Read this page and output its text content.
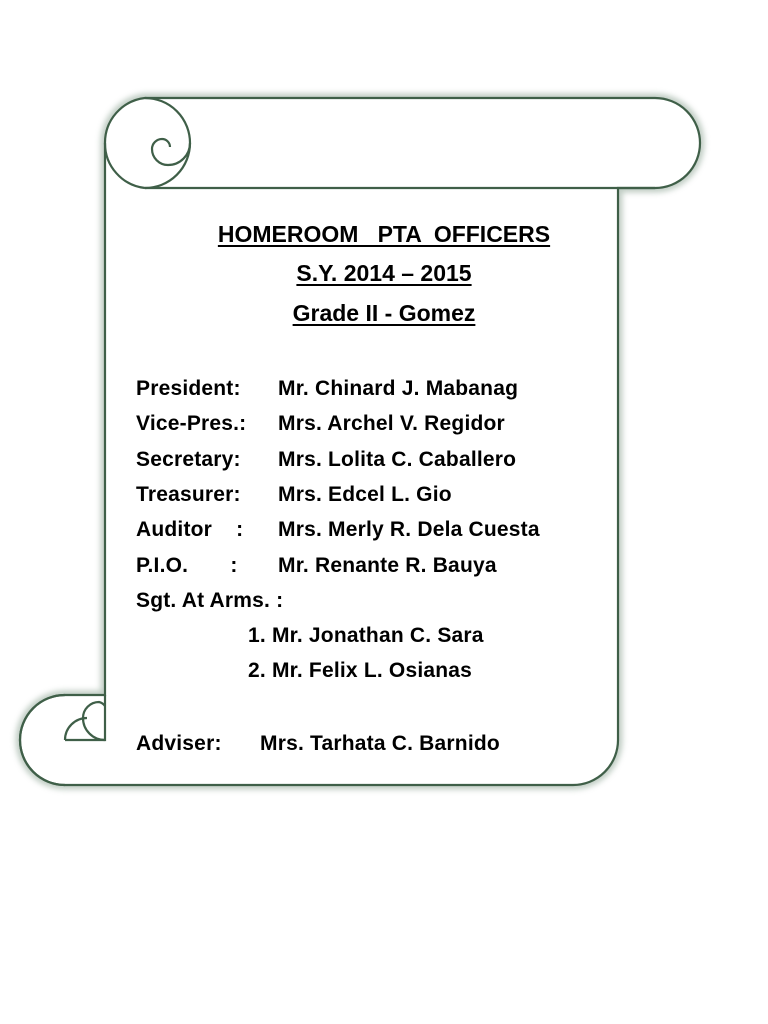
HOMEROOM   PTA  OFFICERS
S.Y. 2014 – 2015
Grade II - Gomez
President: Mr. Chinard J. Mabanag
Vice-Pres.: Mrs. Archel V. Regidor
Secretary: Mrs. Lolita C. Caballero
Treasurer: Mrs. Edcel L. Gio
Auditor    : Mrs. Merly R. Dela Cuesta
P.I.O.       : Mr. Renante R. Bauya
Sgt. At Arms. :
1. Mr. Jonathan C. Sara
2. Mr. Felix L. Osianas
Adviser: Mrs. Tarhata C. Barnido
